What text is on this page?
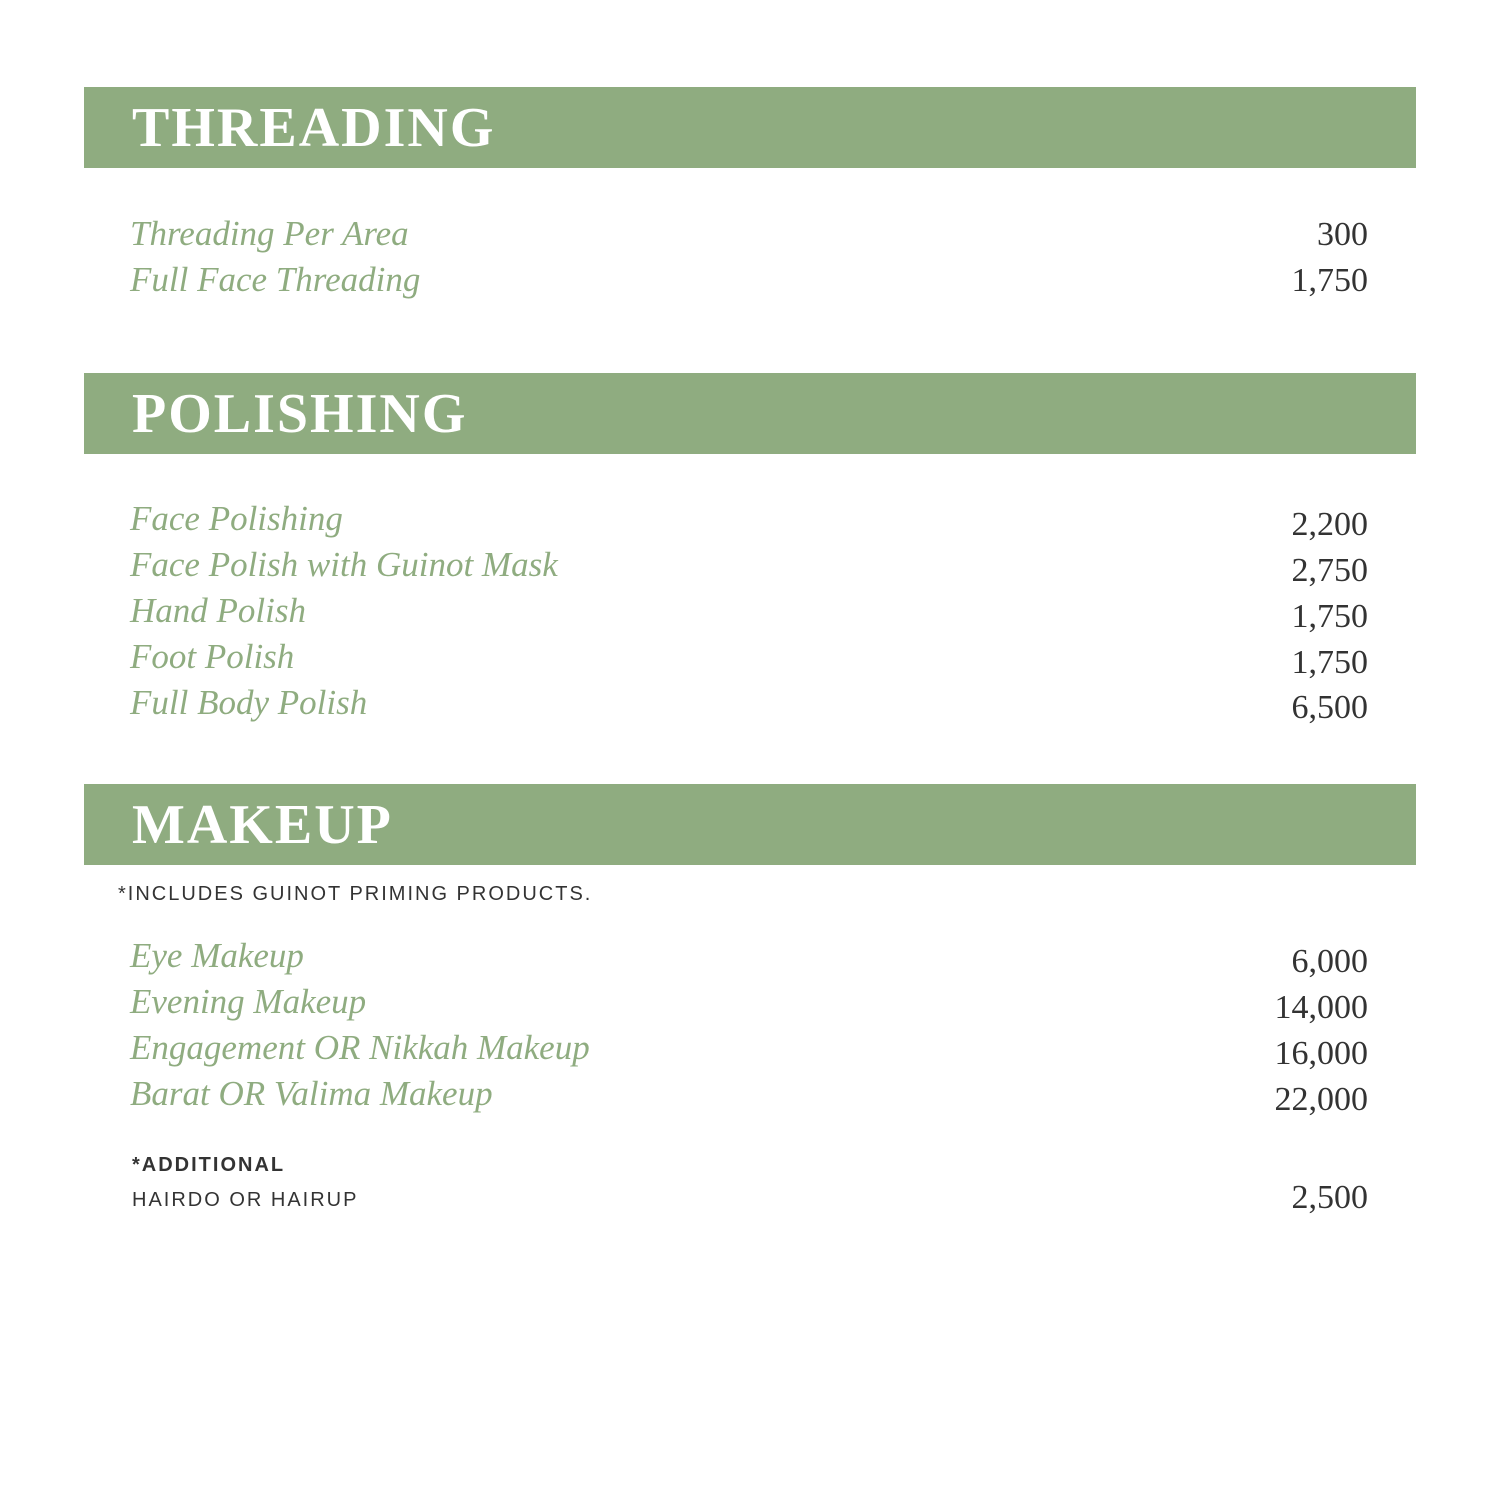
THREADING
Threading Per Area	300
Full Face Threading	1,750
POLISHING
Face Polishing	2,200
Face Polish with Guinot Mask	2,750
Hand Polish	1,750
Foot Polish	1,750
Full Body Polish	6,500
MAKEUP
*INCLUDES GUINOT PRIMING PRODUCTS.
Eye Makeup	6,000
Evening Makeup	14,000
Engagement OR Nikkah Makeup	16,000
Barat OR Valima Makeup	22,000
*ADDITIONAL
HAIRDO OR HAIRUP	2,500
